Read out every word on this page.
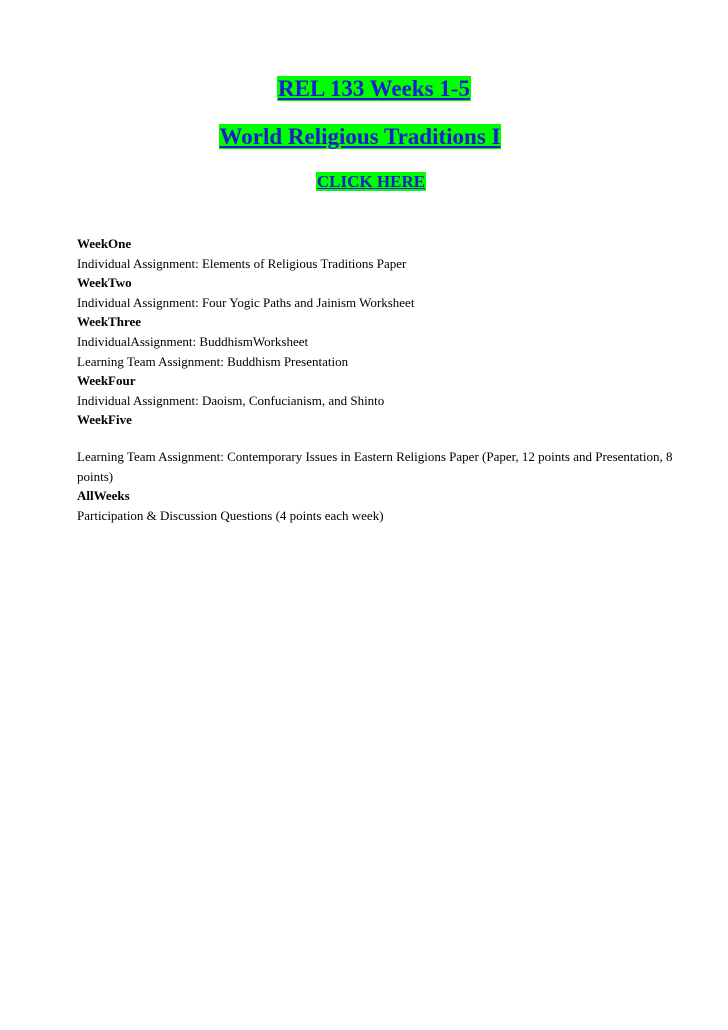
REL 133 Weeks 1-5
World Religious Traditions I
CLICK HERE

WeekOne

Individual Assignment: Elements of Religious Traditions Paper

WeekTwo

Individual Assignment: Four Yogic Paths and Jainism Worksheet

WeekThree

IndividualAssignment: BuddhismWorksheet

Learning Team Assignment: Buddhism Presentation

WeekFour

Individual Assignment: Daoism, Confucianism, and Shinto

WeekFive

Learning Team Assignment: Contemporary Issues in Eastern Religions Paper (Paper, 12 points and Presentation, 8 points)

AllWeeks

Participation & Discussion Questions (4 points each week)
